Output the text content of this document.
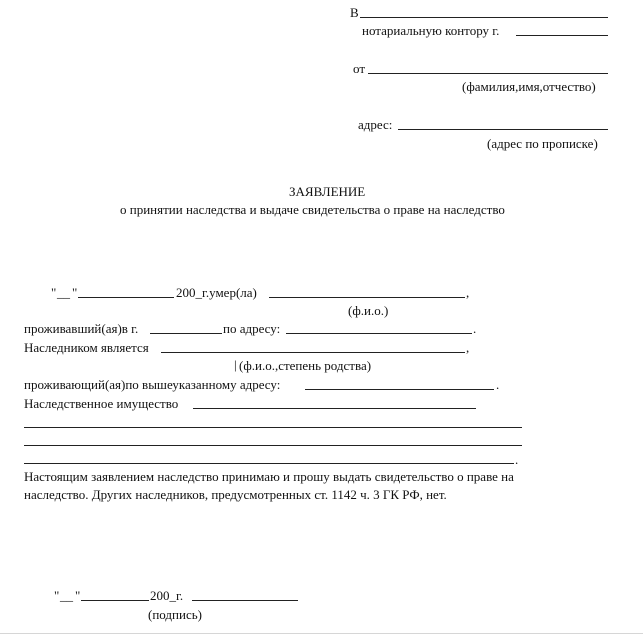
В
нотариальную контору г.
от
(фамилия,имя,отчество)
адрес:
(адрес по прописке)
ЗАЯВЛЕНИЕ
о принятии наследства и выдаче свидетельства о праве на наследство
" __ "	200_г.умер(ла)	,
(ф.и.о.)
проживавший(ая)в г.	по адресу:	.
Наследником является	,
| (ф.и.о.,степень родства)
проживающий(ая)по вышеуказанному адресу:	.
Наследственное имущество
.
Настоящим заявлением наследство принимаю и прошу выдать свидетельство о праве на
наследство. Других наследников, предусмотренных ст. 1142 ч. 3 ГК РФ, нет.
" __ "	200_г.
(подпись)
